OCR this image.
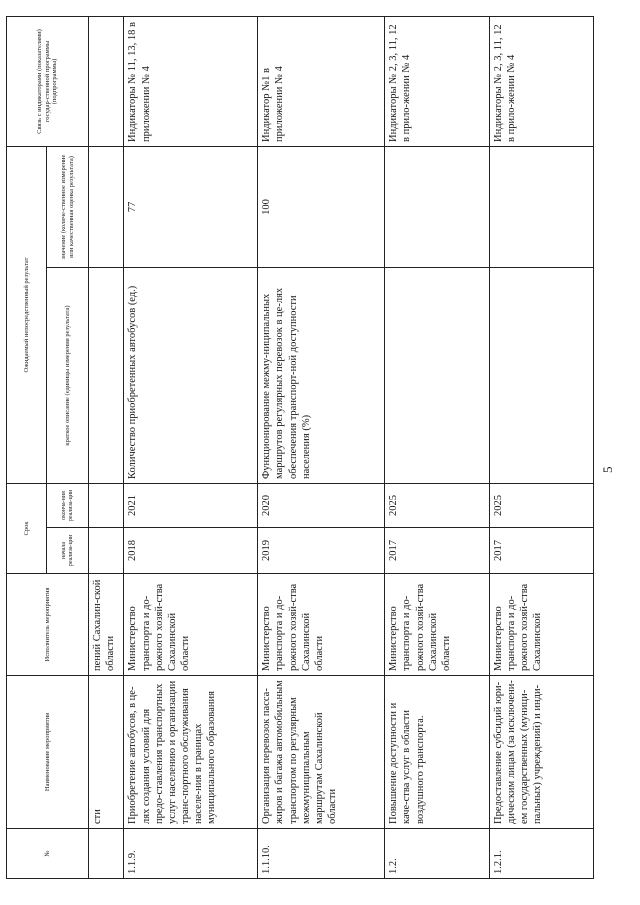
5
№	Наименование мероприятия	Исполнитель мероприятия	Срок		Ожидаемый непосредственный результат		Связь с индикаторами (показателями) государ-ственной программы (подпрограммы)
			начала реализа-ции	оконча-ния реализа-ции	краткое описание (единицы измерения результата)	значение (количе-ственное измерение или качественная оценка результата)	
	сти	пений Сахалин-ской области					
1.1.9.	Приобретение автобусов, в це-лях создания условий для предо-ставления транспортных услуг населению и организации транс-портного обслуживания населе-ния в границах муниципального образования	Министерство транспорта и до-рожного хозяй-ства Сахалинской области	2018	2021	Количество приобретенных автобусов (ед.)	77	Индикаторы № 11, 13, 18 в приложении № 4
1.1.10.	Организация перевозок пасса-жиров и багажа автомобильным транспортом по регулярным межмуниципальным маршрутам Сахалинской области	Министерство транспорта и до-рожного хозяй-ства Сахалинской области	2019	2020	Функционирование межму-ниципальных маршрутов регулярных перевозок в це-лях обеспечения транспорт-ной доступности населения (%)	100	Индикатор №1 в приложении № 4
1.2.	Повышение доступности и каче-ства услуг в области воздушного транспорта.	Министерство транспорта и до-рожного хозяй-ства Сахалинской области	2017	2025			Индикаторы № 2, 3, 11, 12 в прило-жении № 4
1.2.1.	Предоставление субсидий юри-дическим лицам (за исключени-ем государственных (муници-пальных) учреждений) и инди-	Министерство транспорта и до-рожного хозяй-ства Сахалинской	2017	2025			Индикаторы № 2, 3, 11, 12 в прило-жении № 4
